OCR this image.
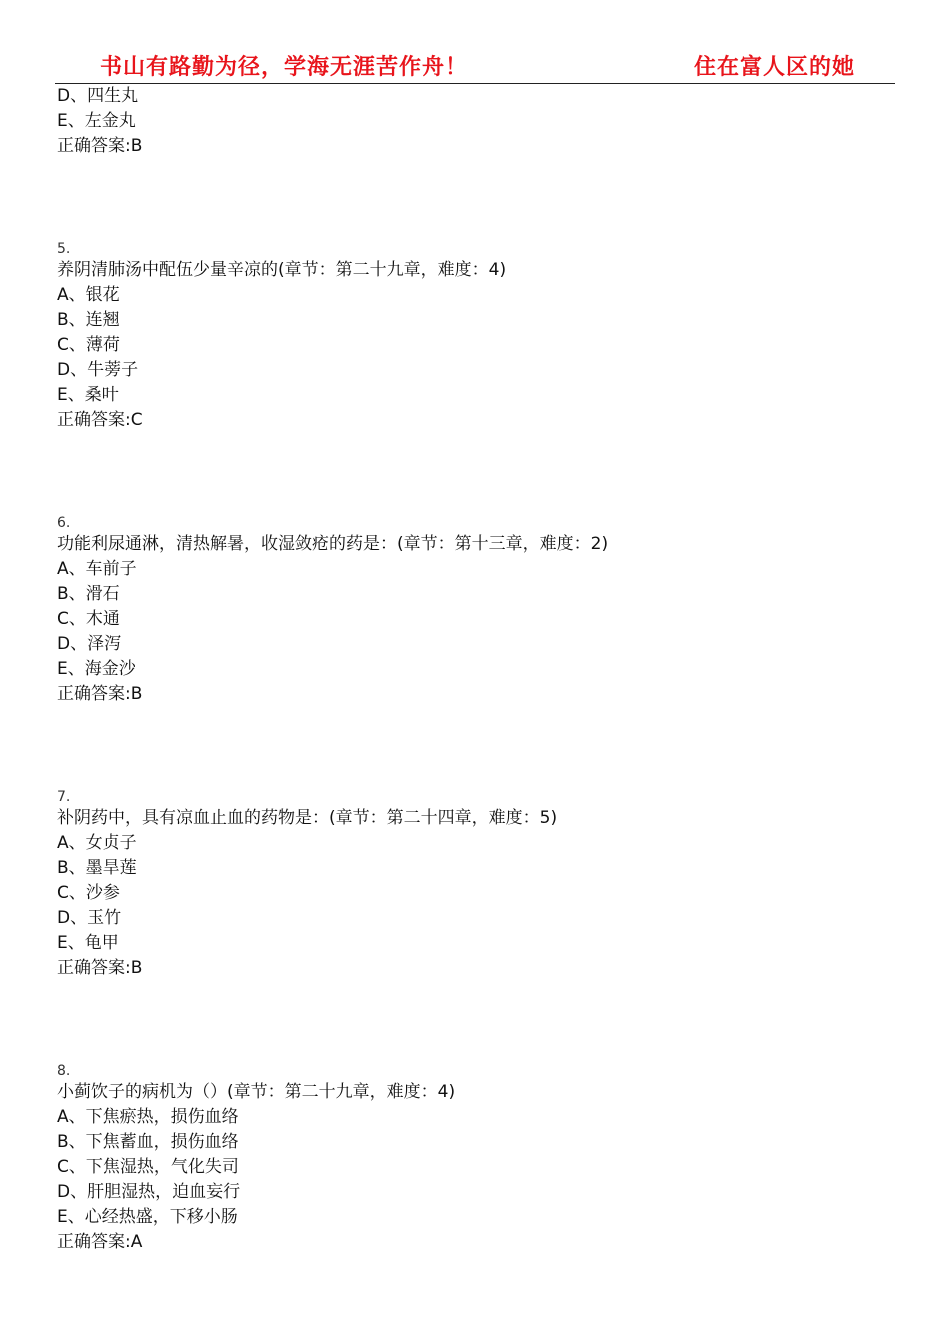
书山有路勤为径，学海无涯苦作舟！	住在富人区的她
D、四生丸
E、左金丸
正确答案:B
5.
养阴清肺汤中配伍少量辛凉的(章节：第二十九章，难度：4)
A、银花
B、连翘
C、薄荷
D、牛蒡子
E、桑叶
正确答案:C
6.
功能利尿通淋，清热解暑，收湿敛疮的药是：(章节：第十三章，难度：2)
A、车前子
B、滑石
C、木通
D、泽泻
E、海金沙
正确答案:B
7.
补阴药中，具有凉血止血的药物是：(章节：第二十四章，难度：5)
A、女贞子
B、墨旱莲
C、沙参
D、玉竹
E、龟甲
正确答案:B
8.
小蓟饮子的病机为（）(章节：第二十九章，难度：4)
A、下焦瘀热，损伤血络
B、下焦蓄血，损伤血络
C、下焦湿热，气化失司
D、肝胆湿热，迫血妄行
E、心经热盛，下移小肠
正确答案:A
